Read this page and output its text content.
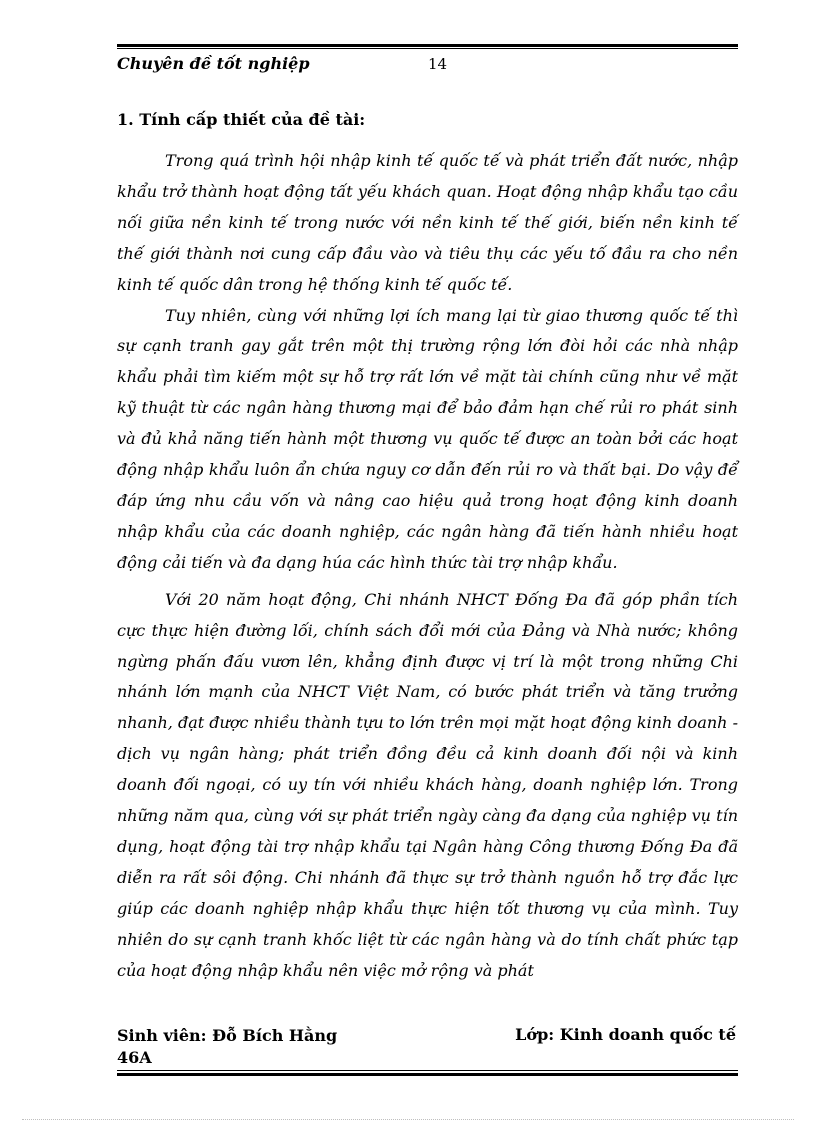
Chuyên đề tốt nghiệp	14
1. Tính cấp thiết của đề tài:

Trong quá trình hội nhập kinh tế quốc tế và phát triển đất nước, nhập khẩu trở thành hoạt động tất yếu khách quan. Hoạt động nhập khẩu tạo cầu nối giữa nền kinh tế trong nước với nền kinh tế thế giới, biến nền kinh tế thế giới thành nơi cung cấp đầu vào và tiêu thụ các yếu tố đầu ra cho nền kinh tế quốc dân trong hệ thống kinh tế quốc tế.

Tuy nhiên, cùng với những lợi ích mang lại từ giao thương quốc tế thì sự cạnh tranh gay gắt trên một thị trường rộng lớn đòi hỏi các nhà nhập khẩu phải tìm kiếm một sự hỗ trợ rất lớn về mặt tài chính cũng như về mặt kỹ thuật từ các ngân hàng thương mại để bảo đảm hạn chế rủi ro phát sinh và đủ khả năng tiến hành một thương vụ quốc tế được an toàn bởi các hoạt động nhập khẩu luôn ẩn chứa nguy cơ dẫn đến rủi ro và thất bại. Do vậy để đáp ứng nhu cầu vốn và nâng cao hiệu quả trong hoạt động kinh doanh nhập khẩu của các doanh nghiệp, các ngân hàng đã tiến hành nhiều hoạt động cải tiến và đa dạng húa các hình thức tài trợ nhập khẩu.

Với 20 năm hoạt động, Chi nhánh NHCT Đống Đa đã góp phần tích cực thực hiện đường lối, chính sách đổi mới của Đảng và Nhà nước; không ngừng phấn đấu vươn lên, khẳng định được vị trí là một trong những Chi nhánh lớn mạnh của NHCT Việt Nam, có bước phát triển và tăng trưởng nhanh, đạt được nhiều thành tựu to lớn trên mọi mặt hoạt động kinh doanh - dịch vụ ngân hàng; phát triển đồng đều cả kinh doanh đối nội và kinh doanh đối ngoại, có uy tín với nhiều khách hàng, doanh nghiệp lớn. Trong những năm qua, cùng với sự phát triển ngày càng đa dạng của nghiệp vụ tín dụng, hoạt động tài trợ nhập khẩu tại Ngân hàng Công thương Đống Đa đã diễn ra rất sôi động. Chi nhánh đã thực sự trở thành nguồn hỗ trợ đắc lực giúp các doanh nghiệp nhập khẩu thực hiện tốt thương vụ của mình. Tuy nhiên do sự cạnh tranh khốc liệt từ các ngân hàng và do tính chất phức tạp của hoạt động nhập khẩu nên việc mở rộng và phát

Sinh viên: Đỗ Bích Hằng
46A
Lớp: Kinh doanh quốc tế
